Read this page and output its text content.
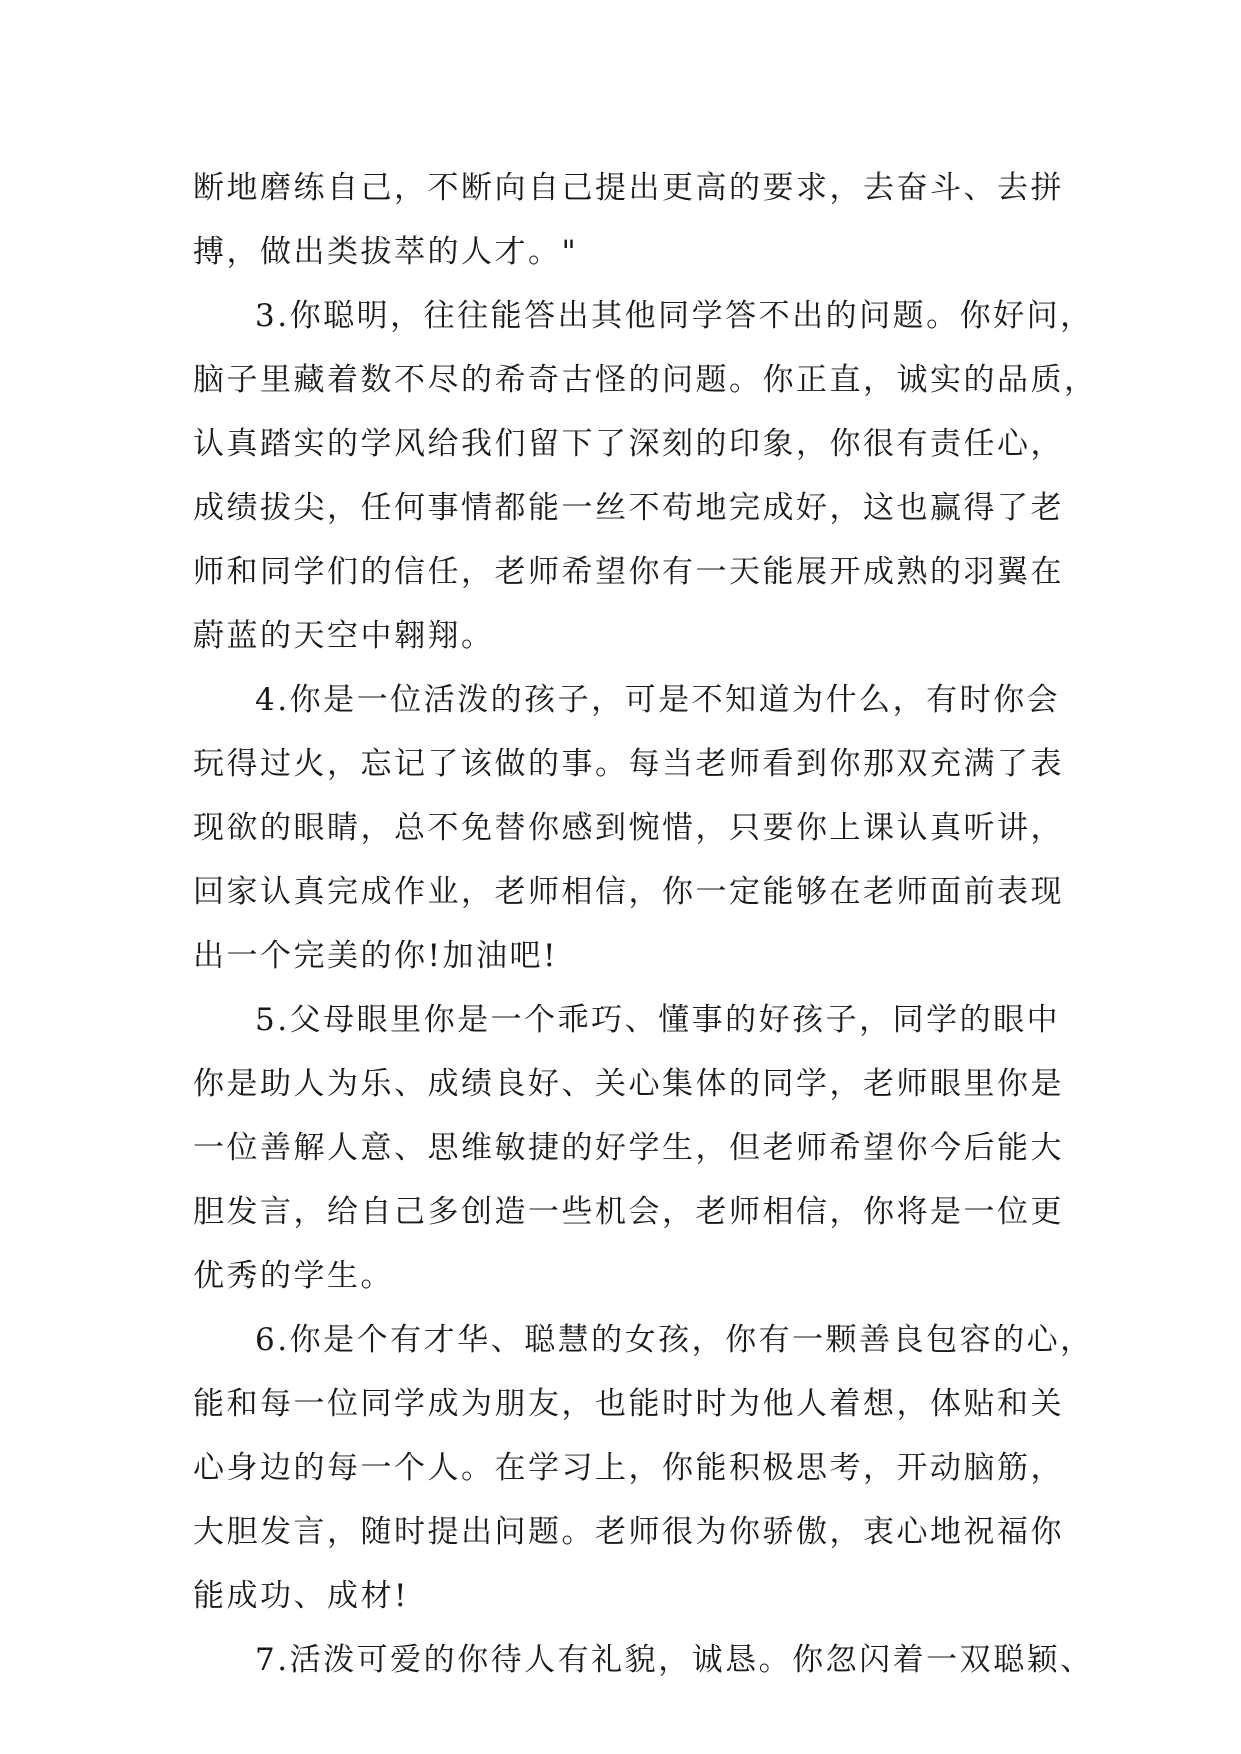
断地磨练自己，不断向自己提出更高的要求，去奋斗、去拼
搏，做出类拔萃的人才。"
3.你聪明，往往能答出其他同学答不出的问题。你好问，
脑子里藏着数不尽的希奇古怪的问题。你正直，诚实的品质，
认真踏实的学风给我们留下了深刻的印象，你很有责任心，
成绩拔尖，任何事情都能一丝不苟地完成好，这也赢得了老
师和同学们的信任，老师希望你有一天能展开成熟的羽翼在
蔚蓝的天空中翱翔。
4.你是一位活泼的孩子，可是不知道为什么，有时你会
玩得过火，忘记了该做的事。每当老师看到你那双充满了表
现欲的眼睛，总不免替你感到惋惜，只要你上课认真听讲，
回家认真完成作业，老师相信，你一定能够在老师面前表现
出一个完美的你!加油吧!
5.父母眼里你是一个乖巧、懂事的好孩子，同学的眼中
你是助人为乐、成绩良好、关心集体的同学，老师眼里你是
一位善解人意、思维敏捷的好学生，但老师希望你今后能大
胆发言，给自己多创造一些机会，老师相信，你将是一位更
优秀的学生。
6.你是个有才华、聪慧的女孩，你有一颗善良包容的心，
能和每一位同学成为朋友，也能时时为他人着想，体贴和关
心身边的每一个人。在学习上，你能积极思考，开动脑筋，
大胆发言，随时提出问题。老师很为你骄傲，衷心地祝福你
能成功、成材!
7.活泼可爱的你待人有礼貌，诚恳。你忽闪着一双聪颖、
